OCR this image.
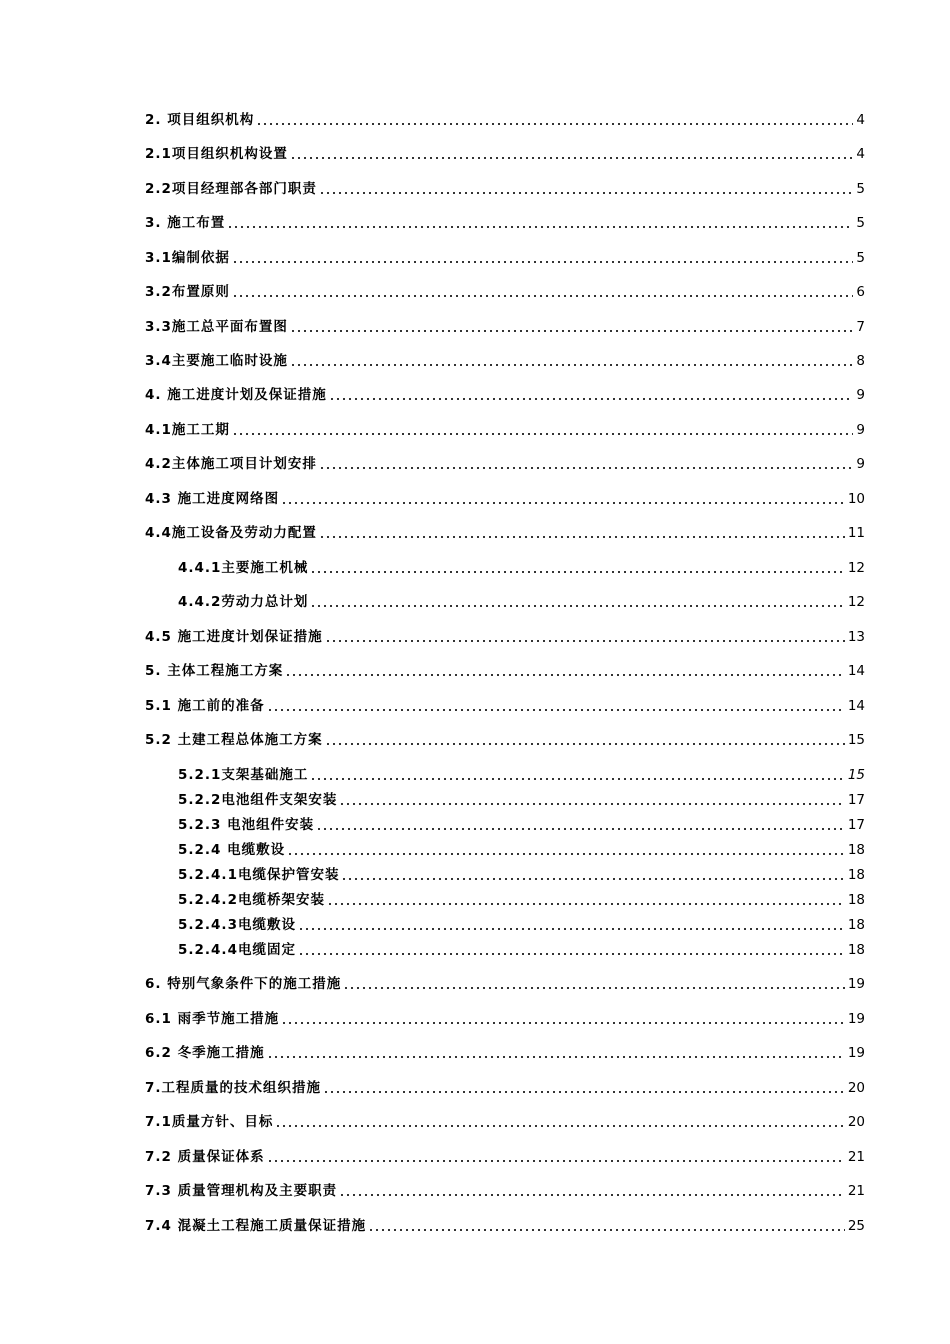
2. 项目组织机构	4
2.1项目组织机构设置	4
2.2项目经理部各部门职责	5
3. 施工布置	5
3.1编制依据	5
3.2布置原则	6
3.3施工总平面布置图	7
3.4主要施工临时设施	8
4. 施工进度计划及保证措施	9
4.1施工工期	9
4.2主体施工项目计划安排	9
4.3 施工进度网络图	10
4.4施工设备及劳动力配置	11
4.4.1主要施工机械	12
4.4.2劳动力总计划	12
4.5 施工进度计划保证措施	13
5. 主体工程施工方案	14
5.1 施工前的准备	14
5.2 土建工程总体施工方案	15
5.2.1支架基础施工	15
5.2.2电池组件支架安装	17
5.2.3 电池组件安装	17
5.2.4 电缆敷设	18
5.2.4.1电缆保护管安装	18
5.2.4.2电缆桥架安装	18
5.2.4.3电缆敷设	18
5.2.4.4电缆固定	18
6. 特别气象条件下的施工措施	19
6.1 雨季节施工措施	19
6.2 冬季施工措施	19
7.工程质量的技术组织措施	20
7.1质量方针、目标	20
7.2 质量保证体系	21
7.3 质量管理机构及主要职责	21
7.4 混凝土工程施工质量保证措施	25
